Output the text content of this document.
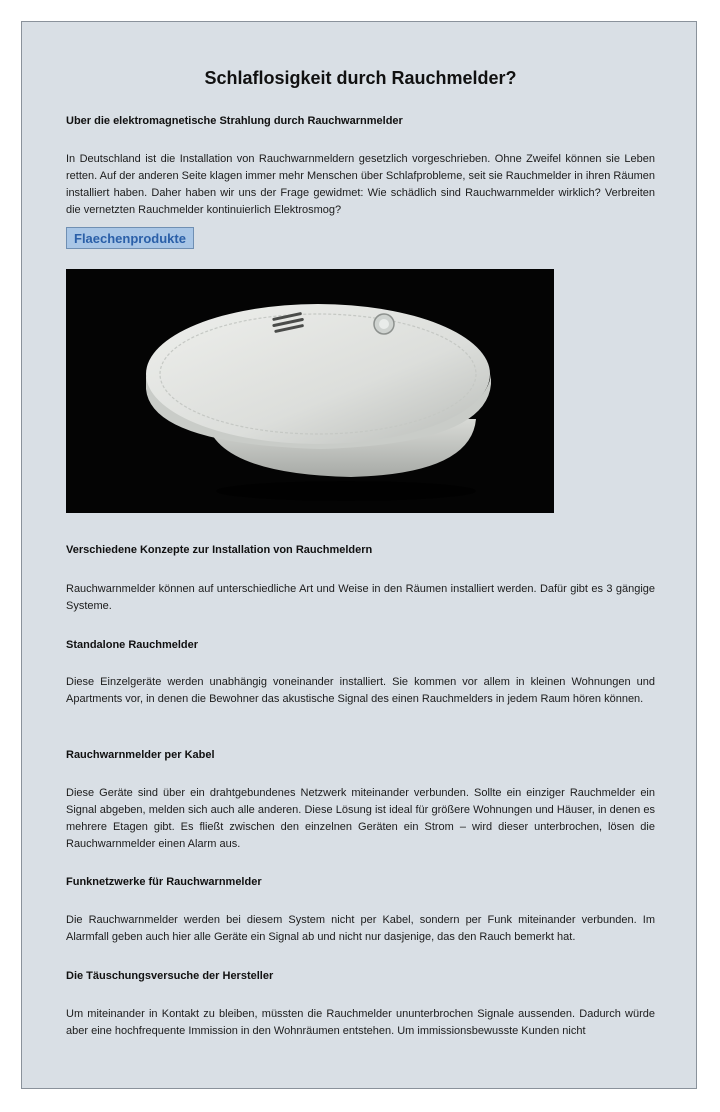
Schlaflosigkeit durch Rauchmelder?
Uber die elektromagnetische Strahlung durch Rauchwarnmelder

In Deutschland ist die Installation von Rauchwarnmeldern gesetzlich vorgeschrieben. Ohne Zweifel können sie Leben retten. Auf der anderen Seite klagen immer mehr Menschen über Schlafprobleme, seit sie Rauchmelder in ihren Räumen installiert haben. Daher haben wir uns der Frage gewidmet: Wie schädlich sind Rauchwarnmelder wirklich? Verbreiten die vernetzten Rauchmelder kontinuierlich Elektrosmog?

Flaechenprodukte
Verschiedene Konzepte zur Installation von Rauchmeldern

Rauchwarnmelder können auf unterschiedliche Art und Weise in den Räumen installiert werden. Dafür gibt es 3 gängige Systeme.

Standalone Rauchmelder

Diese Einzelgeräte werden unabhängig voneinander installiert. Sie kommen vor allem in kleinen Wohnungen und Apartments vor, in denen die Bewohner das akustische Signal des einen Rauchmelders in jedem Raum hören können.

Rauchwarnmelder per Kabel

Diese Geräte sind über ein drahtgebundenes Netzwerk miteinander verbunden. Sollte ein einziger Rauchmelder ein Signal abgeben, melden sich auch alle anderen. Diese Lösung ist ideal für größere Wohnungen und Häuser, in denen es mehrere Etagen gibt. Es fließt zwischen den einzelnen Geräten ein Strom – wird dieser unterbrochen, lösen die Rauchwarnmelder einen Alarm aus.

Funknetzwerke für Rauchwarnmelder

Die Rauchwarnmelder werden bei diesem System nicht per Kabel, sondern per Funk miteinander verbunden. Im Alarmfall geben auch hier alle Geräte ein Signal ab und nicht nur dasjenige, das den Rauch bemerkt hat.

Die Täuschungsversuche der Hersteller

Um miteinander in Kontakt zu bleiben, müssten die Rauchmelder ununterbrochen Signale aussenden. Dadurch würde aber eine hochfrequente Immission in den Wohnräumen entstehen. Um immissionsbewusste Kunden nicht
